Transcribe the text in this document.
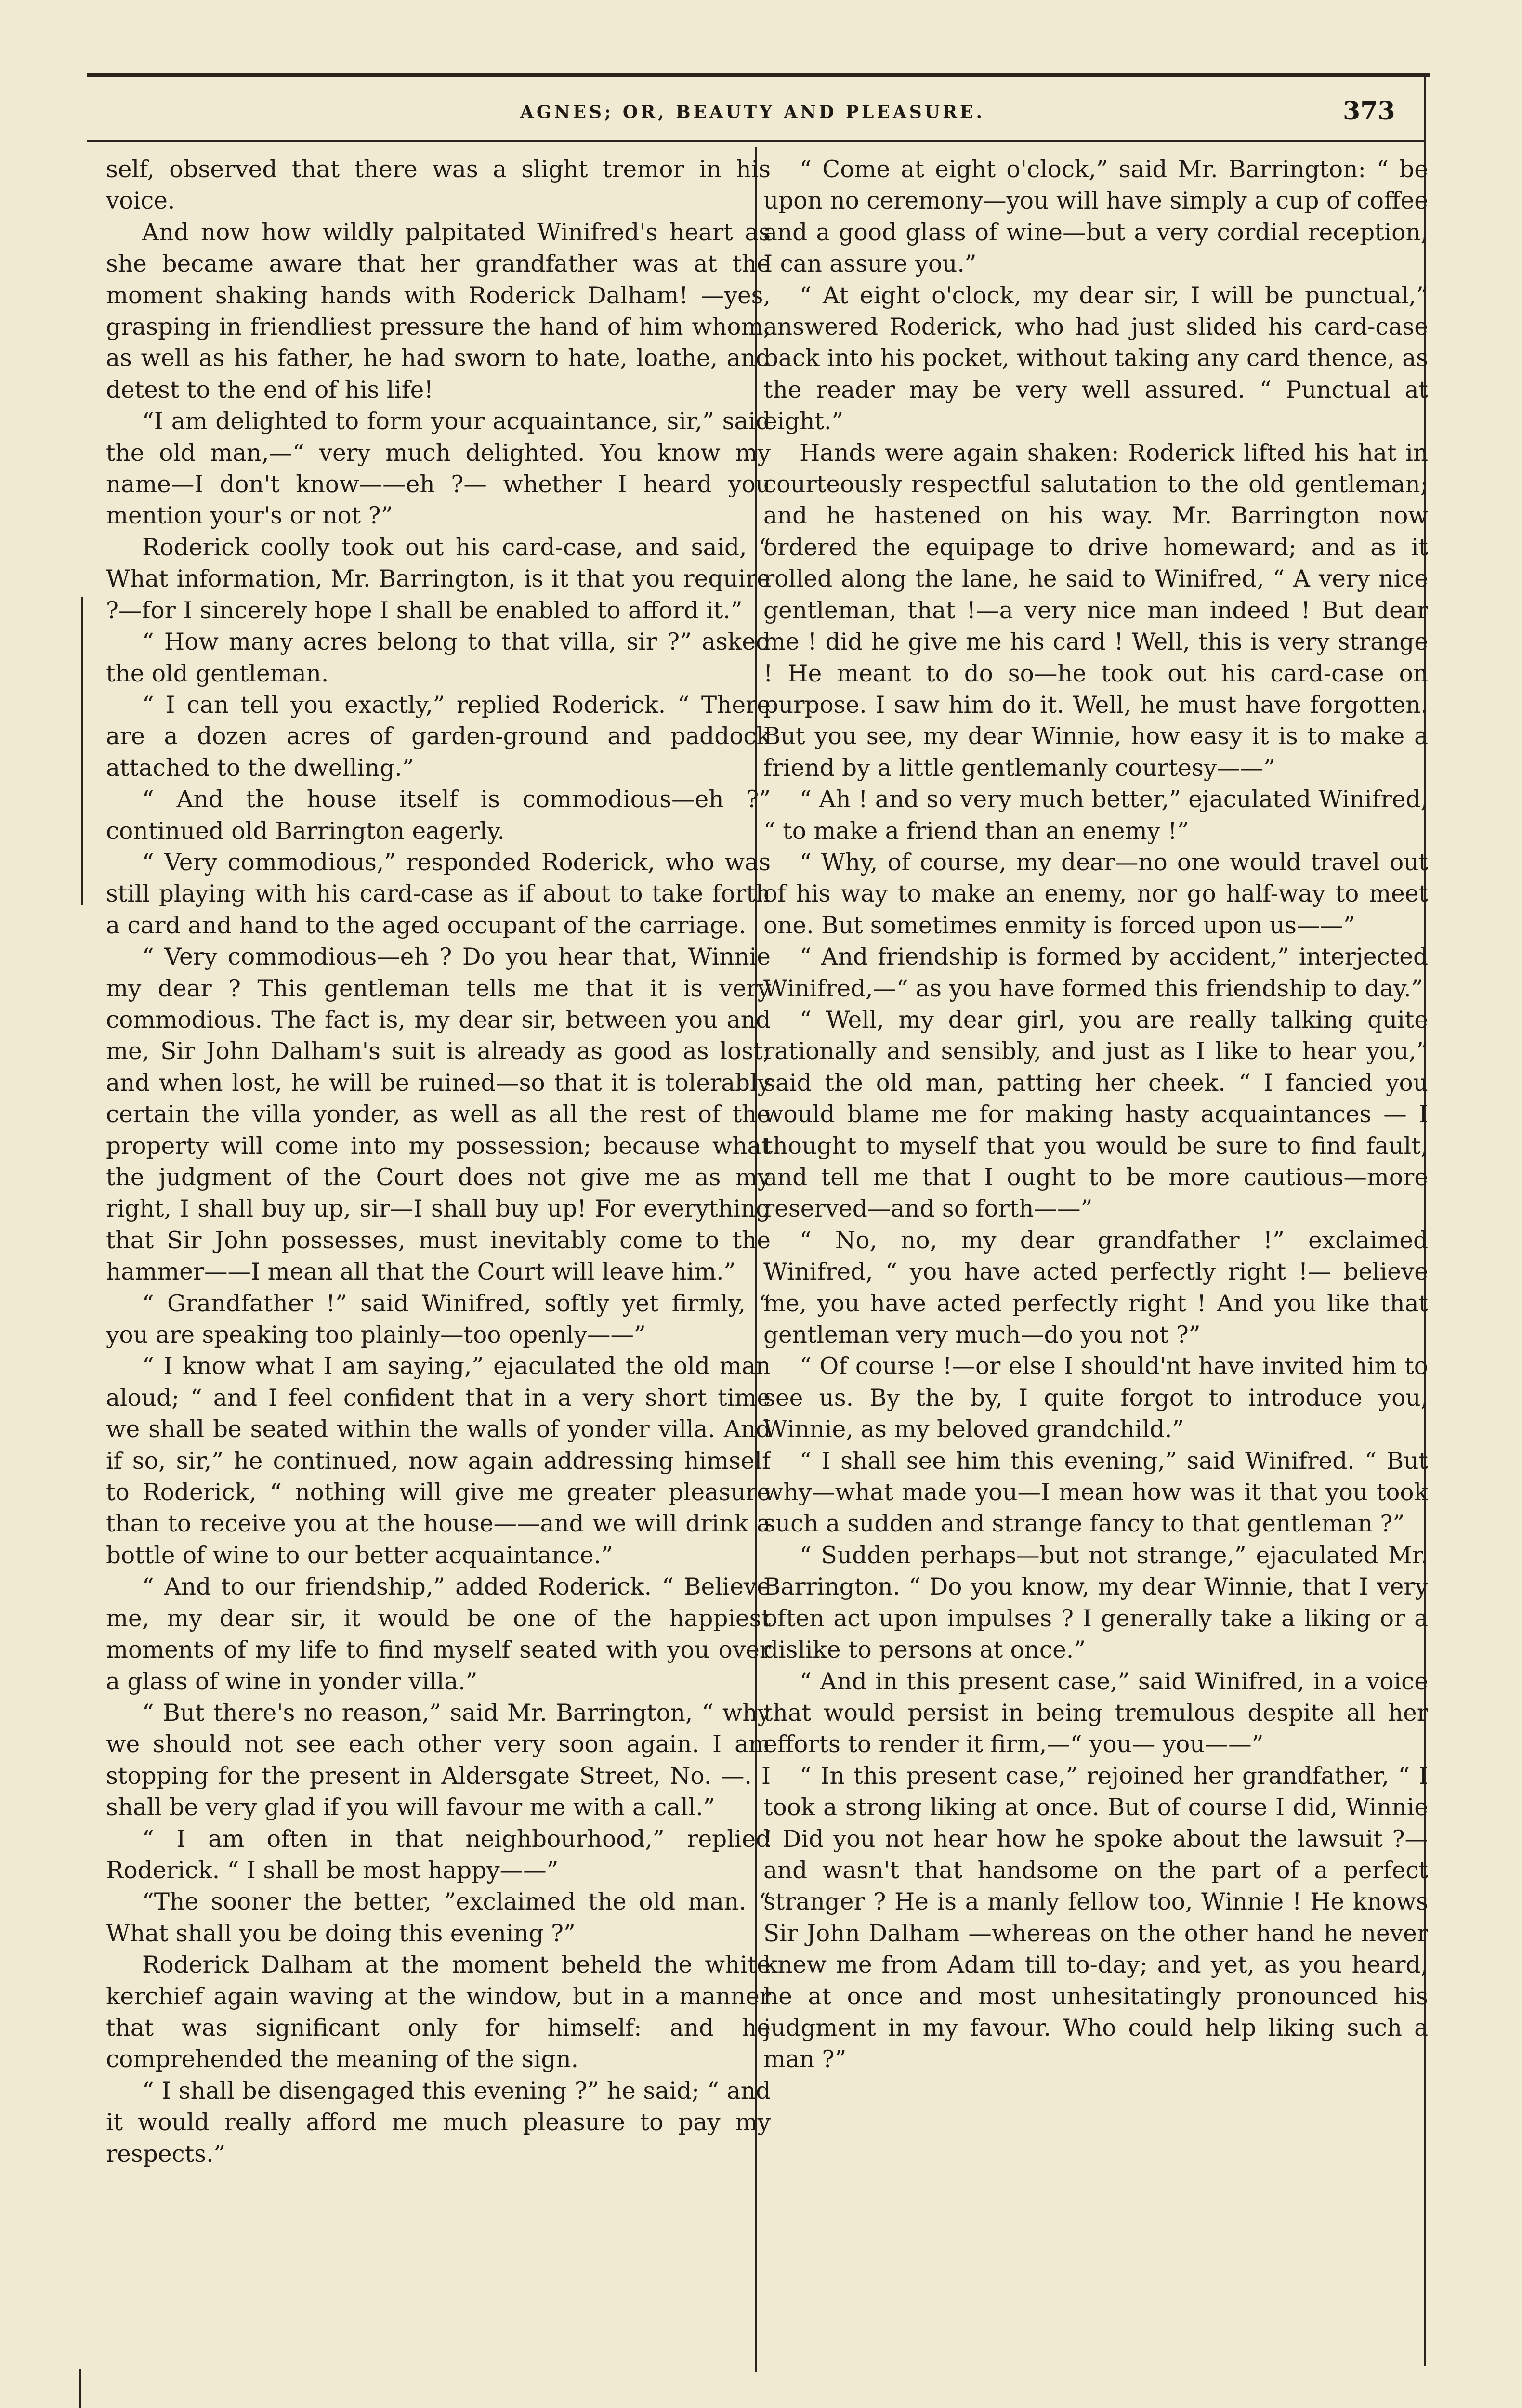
AGNES; OR, BEAUTY AND PLEASURE.	373

self, observed that there was a slight tremor in his voice.

And now how wildly palpitated Winifred's heart as she became aware that her grandfather was at the moment shaking hands with Roderick Dalham! —yes, grasping in friendliest pressure the hand of him whom, as well as his father, he had sworn to hate, loathe, and detest to the end of his life!

“I am delighted to form your acquaintance, sir,” said the old man,—“ very much delighted. You know my name—I don't know——eh ?— whether I heard you mention your's or not ?”

Roderick coolly took out his card-case, and said, “ What information, Mr. Barrington, is it that you require ?—for I sincerely hope I shall be enabled to afford it.”

“ How many acres belong to that villa, sir ?” asked the old gentleman.

“ I can tell you exactly,” replied Roderick. “ There are a dozen acres of garden-ground and paddock attached to the dwelling.”

“ And the house itself is commodious—eh ?” continued old Barrington eagerly.

“ Very commodious,” responded Roderick, who was still playing with his card-case as if about to take forth a card and hand to the aged occupant of the carriage.

“ Very commodious—eh ? Do you hear that, Winnie my dear ? This gentleman tells me that it is very commodious. The fact is, my dear sir, between you and me, Sir John Dalham's suit is already as good as lost; and when lost, he will be ruined—so that it is tolerably certain the villa yonder, as well as all the rest of the property will come into my possession; because what the judgment of the Court does not give me as my right, I shall buy up, sir—I shall buy up! For everything that Sir John possesses, must inevitably come to the hammer——I mean all that the Court will leave him.”

“ Grandfather !” said Winifred, softly yet firmly, “ you are speaking too plainly—too openly——”

“ I know what I am saying,” ejaculated the old man aloud; “ and I feel confident that in a very short time we shall be seated within the walls of yonder villa. And if so, sir,” he continued, now again addressing himself to Roderick, “ nothing will give me greater pleasure than to receive you at the house——and we will drink a bottle of wine to our better acquaintance.”

“ And to our friendship,” added Roderick. “ Believe me, my dear sir, it would be one of the happiest moments of my life to find myself seated with you over a glass of wine in yonder villa.”

“ But there's no reason,” said Mr. Barrington, “ why we should not see each other very soon again. I am stopping for the present in Aldersgate Street, No. —. I shall be very glad if you will favour me with a call.”

“ I am often in that neighbourhood,” replied Roderick. “ I shall be most happy——”

“The sooner the better, ”exclaimed the old man. “ What shall you be doing this evening ?”

Roderick Dalham at the moment beheld the white kerchief again waving at the window, but in a manner that was significant only for himself: and he comprehended the meaning of the sign.

“ I shall be disengaged this evening ?” he said; “ and it would really afford me much pleasure to pay my respects.”

“ Come at eight o'clock,” said Mr. Barrington: “ be upon no ceremony—you will have simply a cup of coffee and a good glass of wine—but a very cordial reception, I can assure you.”

“ At eight o'clock, my dear sir, I will be punctual,” answered Roderick, who had just slided his card-case back into his pocket, without taking any card thence, as the reader may be very well assured. “ Punctual at eight.”

Hands were again shaken: Roderick lifted his hat in courteously respectful salutation to the old gentleman; and he hastened on his way. Mr. Barrington now ordered the equipage to drive homeward; and as it rolled along the lane, he said to Winifred, “ A very nice gentleman, that !—a very nice man indeed ! But dear me ! did he give me his card ! Well, this is very strange ! He meant to do so—he took out his card-case on purpose. I saw him do it. Well, he must have forgotten. But you see, my dear Winnie, how easy it is to make a friend by a little gentlemanly courtesy——”

“ Ah ! and so very much better,” ejaculated Winifred, “ to make a friend than an enemy !”

“ Why, of course, my dear—no one would travel out of his way to make an enemy, nor go half-way to meet one. But sometimes enmity is forced upon us——”

“ And friendship is formed by accident,” interjected Winifred,—“ as you have formed this friendship to day.”

“ Well, my dear girl, you are really talking quite rationally and sensibly, and just as I like to hear you,” said the old man, patting her cheek. “ I fancied you would blame me for making hasty acquaintances — I thought to myself that you would be sure to find fault, and tell me that I ought to be more cautious—more reserved—and so forth——”

“ No, no, my dear grandfather !” exclaimed Winifred, “ you have acted perfectly right !— believe me, you have acted perfectly right ! And you like that gentleman very much—do you not ?”

“ Of course !—or else I should'nt have invited him to see us. By the by, I quite forgot to introduce you, Winnie, as my beloved grandchild.”

“ I shall see him this evening,” said Winifred. “ But why—what made you—I mean how was it that you took such a sudden and strange fancy to that gentleman ?”

“ Sudden perhaps—but not strange,” ejaculated Mr. Barrington. “ Do you know, my dear Winnie, that I very often act upon impulses ? I generally take a liking or a dislike to persons at once.”

“ And in this present case,” said Winifred, in a voice that would persist in being tremulous despite all her efforts to render it firm,—“ you— you——”

“ In this present case,” rejoined her grandfather, “ I took a strong liking at once. But of course I did, Winnie ! Did you not hear how he spoke about the lawsuit ?—and wasn't that handsome on the part of a perfect stranger ? He is a manly fellow too, Winnie ! He knows Sir John Dalham —whereas on the other hand he never knew me from Adam till to-day; and yet, as you heard, he at once and most unhesitatingly pronounced his judgment in my favour. Who could help liking such a man ?”
